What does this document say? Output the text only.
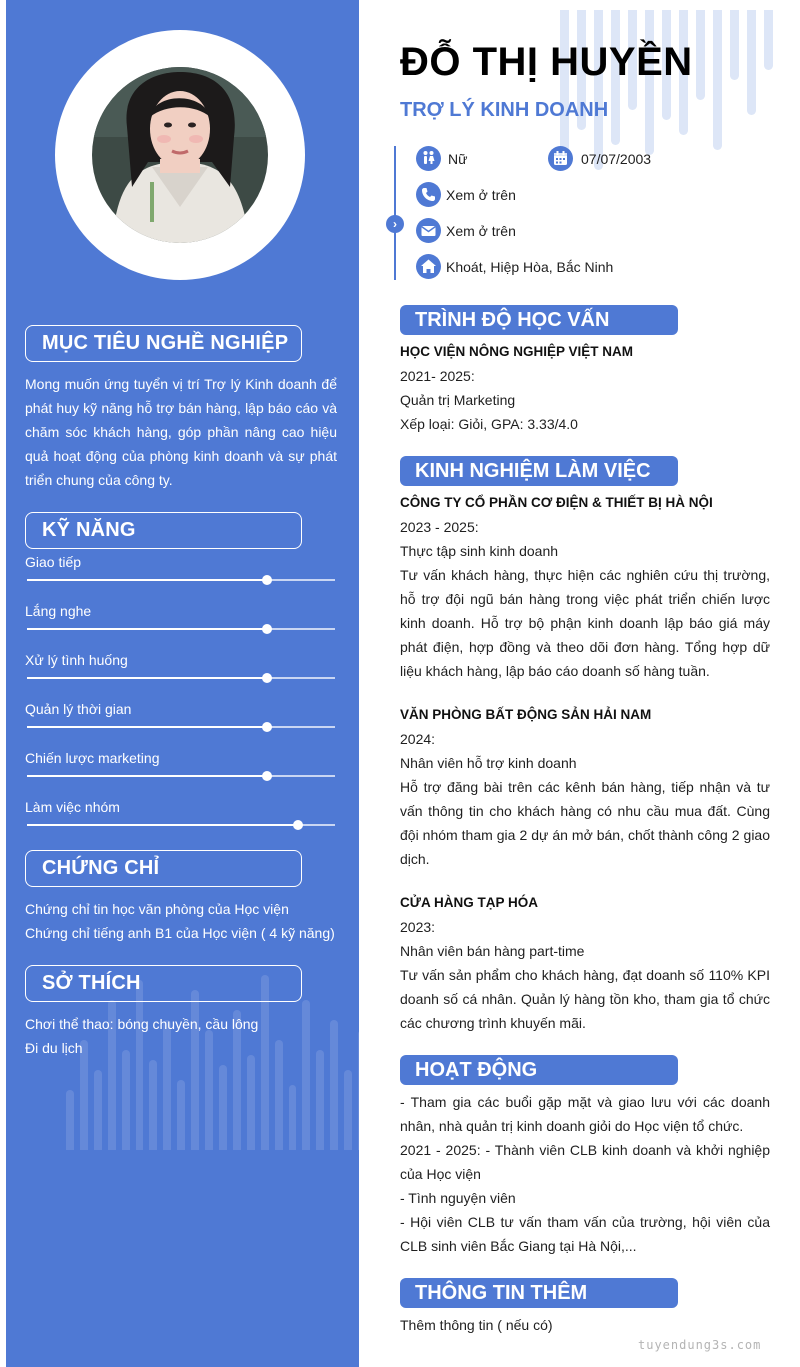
MỤC TIÊU NGHỀ NGHIỆP
Mong muốn ứng tuyển vị trí Trợ lý Kinh doanh để phát huy kỹ năng hỗ trợ bán hàng, lập báo cáo và chăm sóc khách hàng, góp phần nâng cao hiệu quả hoạt động của phòng kinh doanh và sự phát triển chung của công ty.
KỸ NĂNG
Giao tiếp
Lắng nghe
Xử lý tình huống
Quản lý thời gian
Chiến lược marketing
Làm việc nhóm
CHỨNG CHỈ
Chứng chỉ tin học văn phòng của Học viện
Chứng chỉ tiếng anh B1 của Học viện ( 4 kỹ năng)
SỞ THÍCH
Chơi thể thao: bóng chuyền, cầu lông
Đi du lịch
ĐỖ THỊ HUYỀN
TRỢ LÝ KINH DOANH
›
Nữ	07/07/2003
Xem ở trên
Xem ở trên
Khoát, Hiệp Hòa, Bắc Ninh
TRÌNH ĐỘ HỌC VẤN
HỌC VIỆN NÔNG NGHIỆP VIỆT NAM
2021- 2025:
Quản trị Marketing
Xếp loại: Giỏi, GPA: 3.33/4.0
KINH NGHIỆM LÀM VIỆC
CÔNG TY CỔ PHẦN CƠ ĐIỆN & THIẾT BỊ HÀ NỘI
2023 - 2025:
Thực tập sinh kinh doanh
Tư vấn khách hàng, thực hiện các nghiên cứu thị trường, hỗ trợ đội ngũ bán hàng trong việc phát triển chiến lược kinh doanh. Hỗ trợ bộ phận kinh doanh lập báo giá máy phát điện, hợp đồng và theo dõi đơn hàng. Tổng hợp dữ liệu khách hàng, lập báo cáo doanh số hàng tuần.
VĂN PHÒNG BẤT ĐỘNG SẢN HẢI NAM
2024:
Nhân viên hỗ trợ kinh doanh
Hỗ trợ đăng bài trên các kênh bán hàng, tiếp nhận và tư vấn thông tin cho khách hàng có nhu cầu mua đất. Cùng đội nhóm tham gia 2 dự án mở bán, chốt thành công 2 giao dịch.
CỬA HÀNG TẠP HÓA
2023:
Nhân viên bán hàng part-time
Tư vấn sản phẩm cho khách hàng, đạt doanh số 110% KPI doanh số cá nhân. Quản lý hàng tồn kho, tham gia tổ chức các chương trình khuyến mãi.
HOẠT ĐỘNG
- Tham gia các buổi gặp mặt và giao lưu với các doanh nhân, nhà quản trị kinh doanh giỏi do Học viện tổ chức.
2021 - 2025: - Thành viên CLB kinh doanh và khởi nghiệp của Học viện
- Tình nguyện viên
- Hội viên CLB tư vấn tham vấn của trường, hội viên của CLB sinh viên Bắc Giang tại Hà Nội,...
THÔNG TIN THÊM
Thêm thông tin ( nếu có)
tuyendung3s.com
